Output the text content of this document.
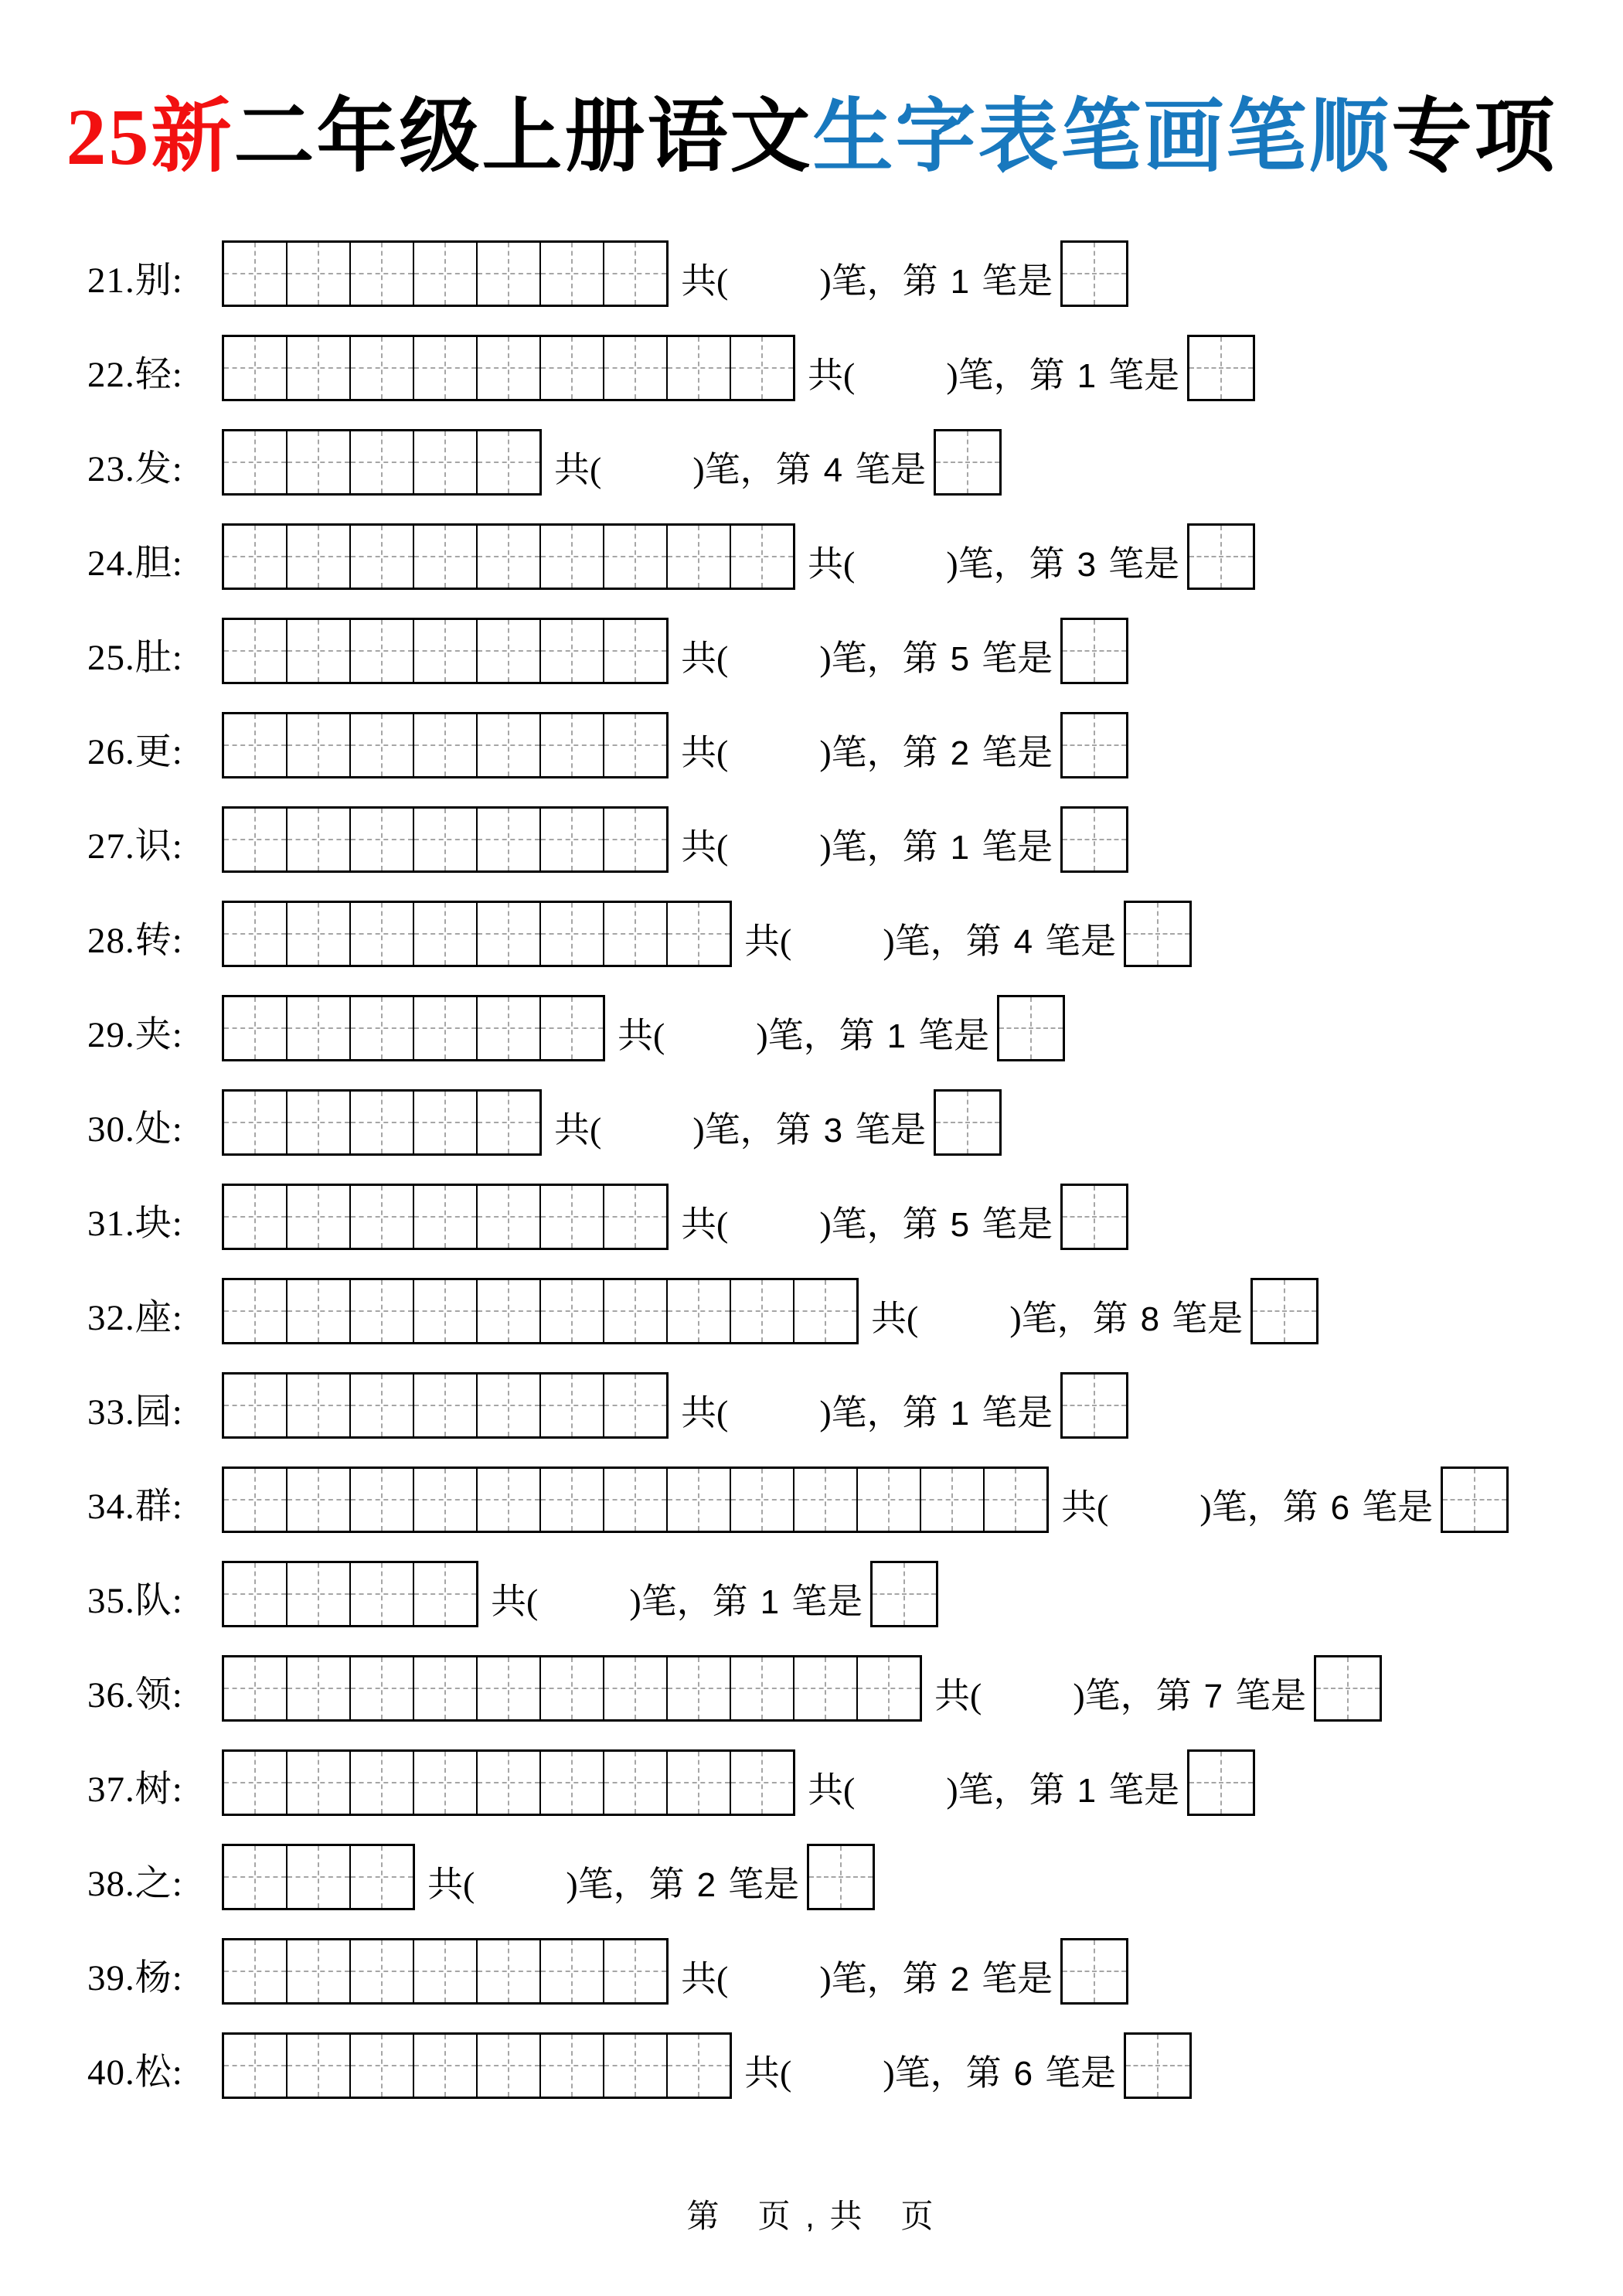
25新二年级上册语文生字表笔画笔顺专项
21.别:	共(	)笔，第 1 笔是
22.轻:	共(	)笔，第 1 笔是
23.发:	共(	)笔，第 4 笔是
24.胆:	共(	)笔，第 3 笔是
25.肚:	共(	)笔，第 5 笔是
26.更:	共(	)笔，第 2 笔是
27.识:	共(	)笔，第 1 笔是
28.转:	共(	)笔，第 4 笔是
29.夹:	共(	)笔，第 1 笔是
30.处:	共(	)笔，第 3 笔是
31.块:	共(	)笔，第 5 笔是
32.座:	共(	)笔，第 8 笔是
33.园:	共(	)笔，第 1 笔是
34.群:	共(	)笔，第 6 笔是
35.队:	共(	)笔，第 1 笔是
36.领:	共(	)笔，第 7 笔是
37.树:	共(	)笔，第 1 笔是
38.之:	共(	)笔，第 2 笔是
39.杨:	共(	)笔，第 2 笔是
40.松:	共(	)笔，第 6 笔是
第　页 , 共　页
